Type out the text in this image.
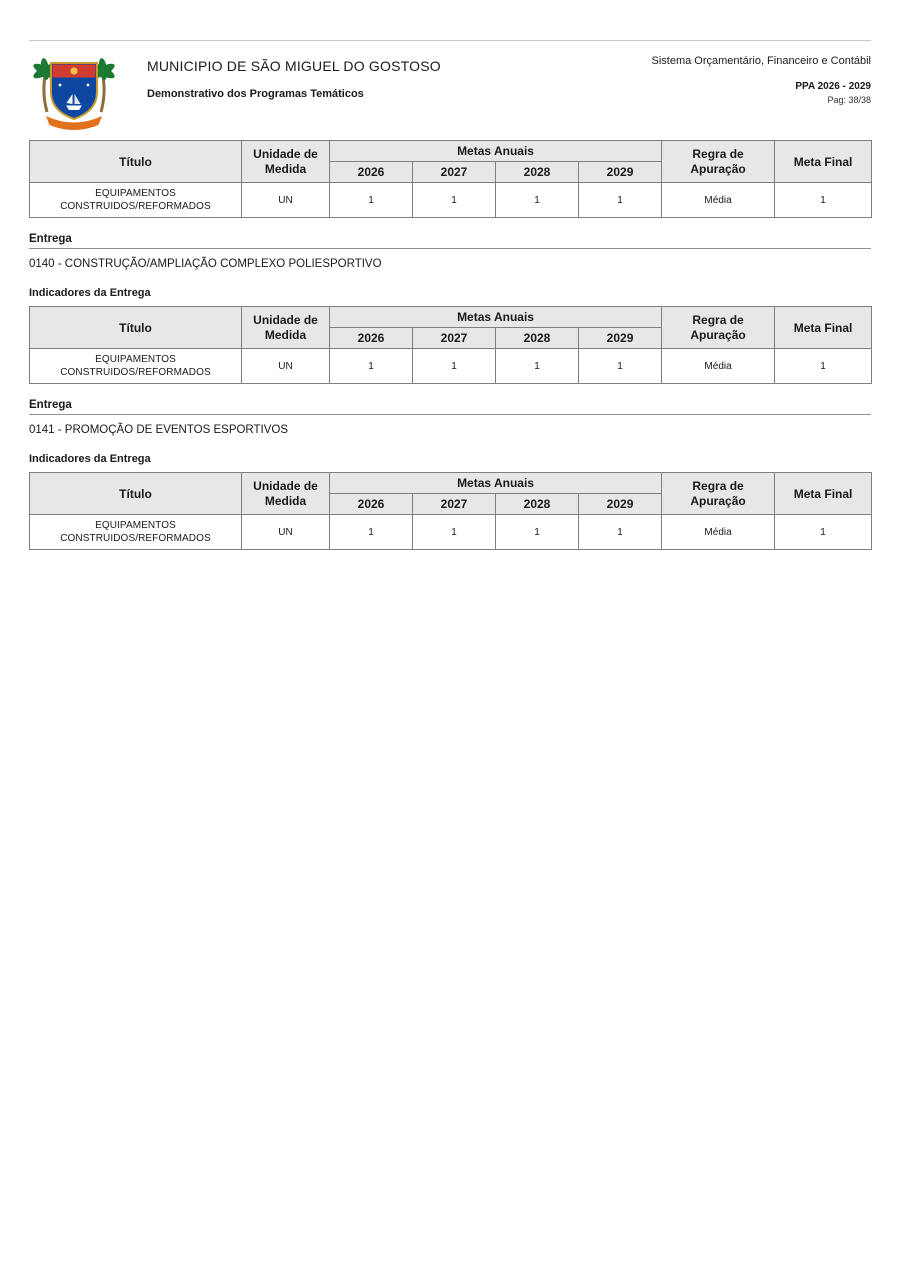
MUNICIPIO DE SÃO MIGUEL DO GOSTOSO
Demonstrativo dos Programas Temáticos
Sistema Orçamentário, Financeiro e Contábil
PPA 2026 - 2029
Pag: 38/38
Título	Unidade de Medida	Metas Anuais				Regra de Apuração	Meta Final
		2026	2027	2028	2029		
EQUIPAMENTOS CONSTRUIDOS/REFORMADOS	UN	1	1	1	1	Média	1
Entrega
0140 - CONSTRUÇÃO/AMPLIAÇÃO COMPLEXO POLIESPORTIVO
Indicadores da Entrega
Título	Unidade de Medida	Metas Anuais				Regra de Apuração	Meta Final
		2026	2027	2028	2029		
EQUIPAMENTOS CONSTRUIDOS/REFORMADOS	UN	1	1	1	1	Média	1
Entrega
0141 - PROMOÇÃO DE EVENTOS ESPORTIVOS
Indicadores da Entrega
Título	Unidade de Medida	Metas Anuais				Regra de Apuração	Meta Final
		2026	2027	2028	2029		
EQUIPAMENTOS CONSTRUIDOS/REFORMADOS	UN	1	1	1	1	Média	1
